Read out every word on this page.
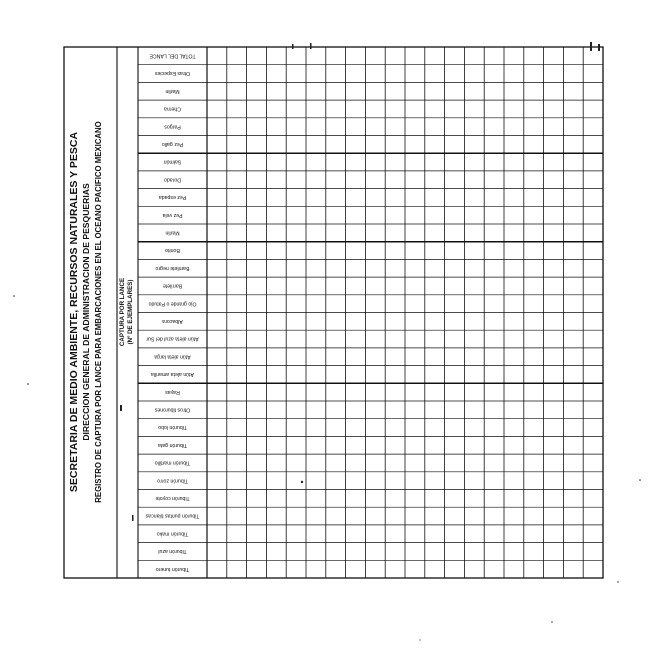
SECRETARIA DE MEDIO AMBIENTE, RECURSOS NATURALES Y PESCA DIRECCION GENERAL DE ADMINISTRACION DE PESQUERIAS REGISTRO DE CAPTURA POR LANCE PARA EMBARCACIONES EN EL OCEANO PACIFICO MEXICANO	CAPTURA POR LANCE (Nº DE EJEMPLARES)
TOTAL DEL LANCE
Otras Especies
Marlin
Cherna
Pargos
Pez gallo
Salmón
Dorado
Pez espada
Pez vela
Marlin
Bonito
Barrilete negro
Barrilete
Ojo grande o Patudo
Albacora
Atún aleta azul del Sur
Atún aleta larga
Atún aleta amarilla
Rayas
Otros tiburones
Tiburón lobo
Tiburón gata
Tiburón martillo
Tiburón zorro
Tiburón coyote
Tiburón puntas blancas
Tiburón mako
Tiburón azul
Tiburón tunero
